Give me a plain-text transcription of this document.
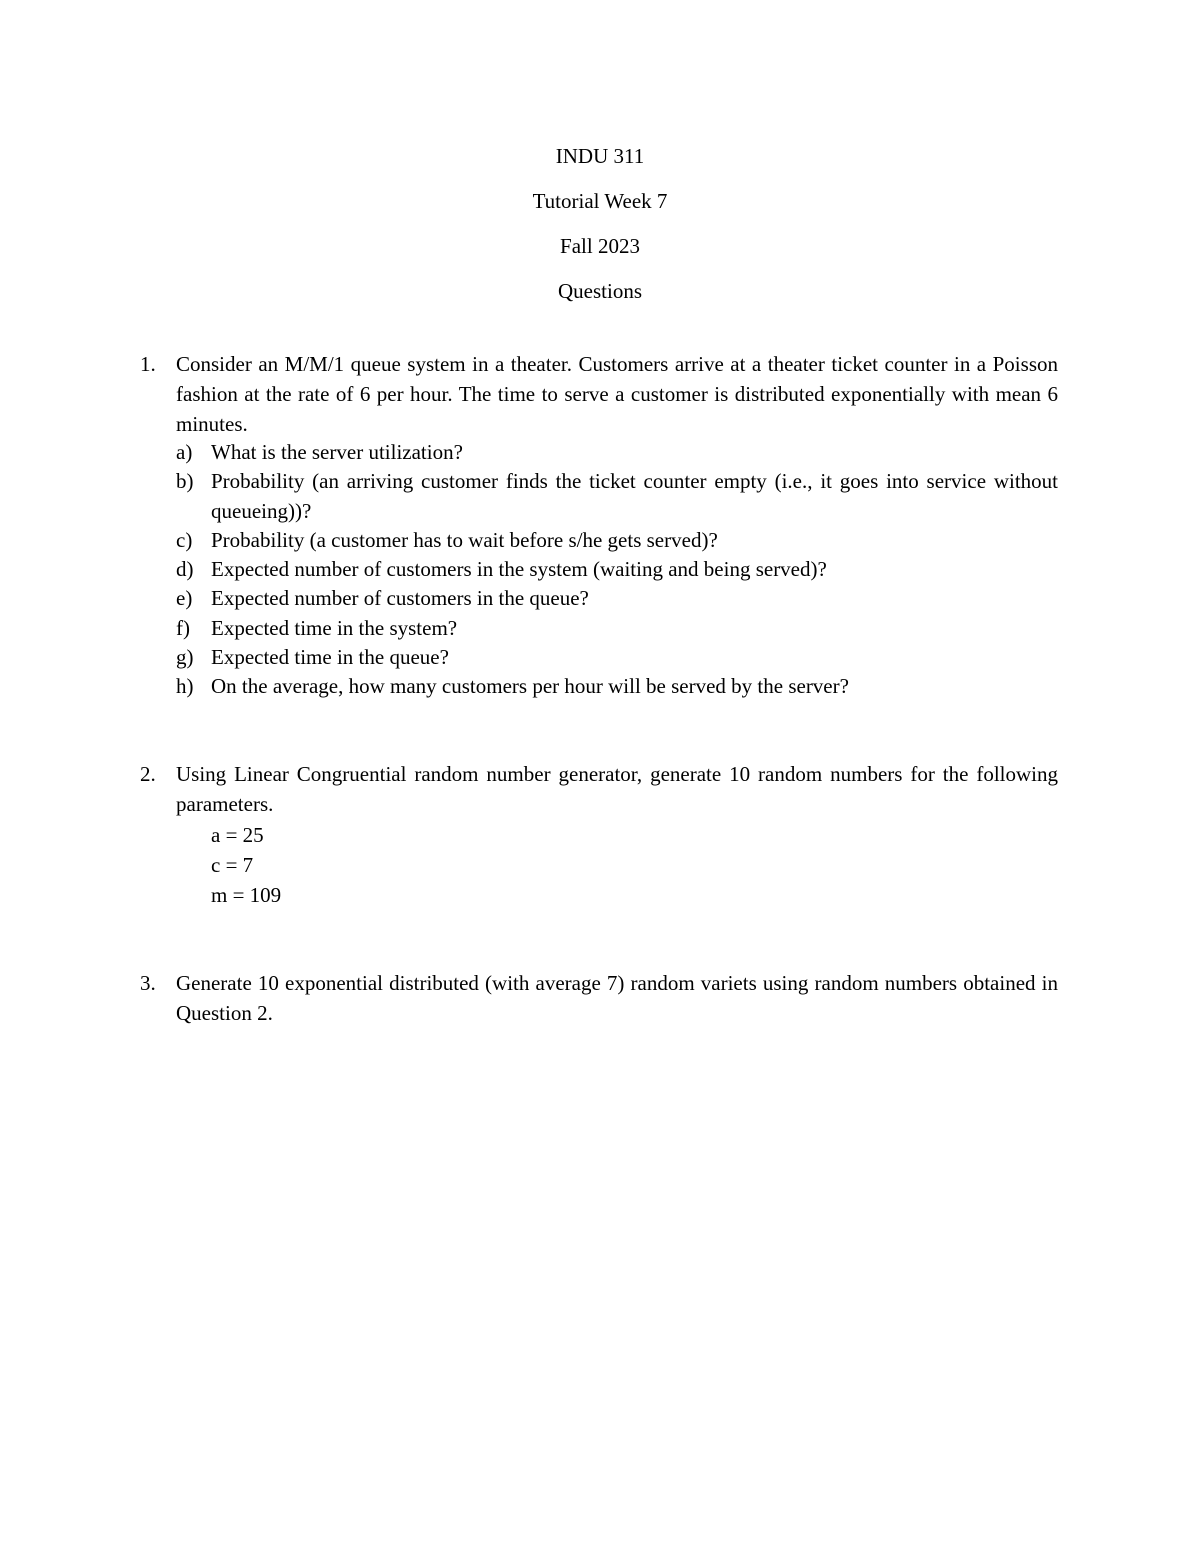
INDU 311
Tutorial Week 7
Fall 2023
Questions
1. Consider an M/M/1 queue system in a theater. Customers arrive at a theater ticket counter in a Poisson fashion at the rate of 6 per hour. The time to serve a customer is distributed exponentially with mean 6 minutes.
a) What is the server utilization?
b) Probability (an arriving customer finds the ticket counter empty (i.e., it goes into service without queueing))?
c) Probability (a customer has to wait before s/he gets served)?
d) Expected number of customers in the system (waiting and being served)?
e) Expected number of customers in the queue?
f)	Expected time in the system?
g) Expected time in the queue?
h) On the average, how many customers per hour will be served by the server?
2. Using Linear Congruential random number generator, generate 10 random numbers for the following parameters.
a = 25
c = 7
m = 109
3. Generate 10 exponential distributed (with average 7) random variets using random numbers obtained in Question 2.
